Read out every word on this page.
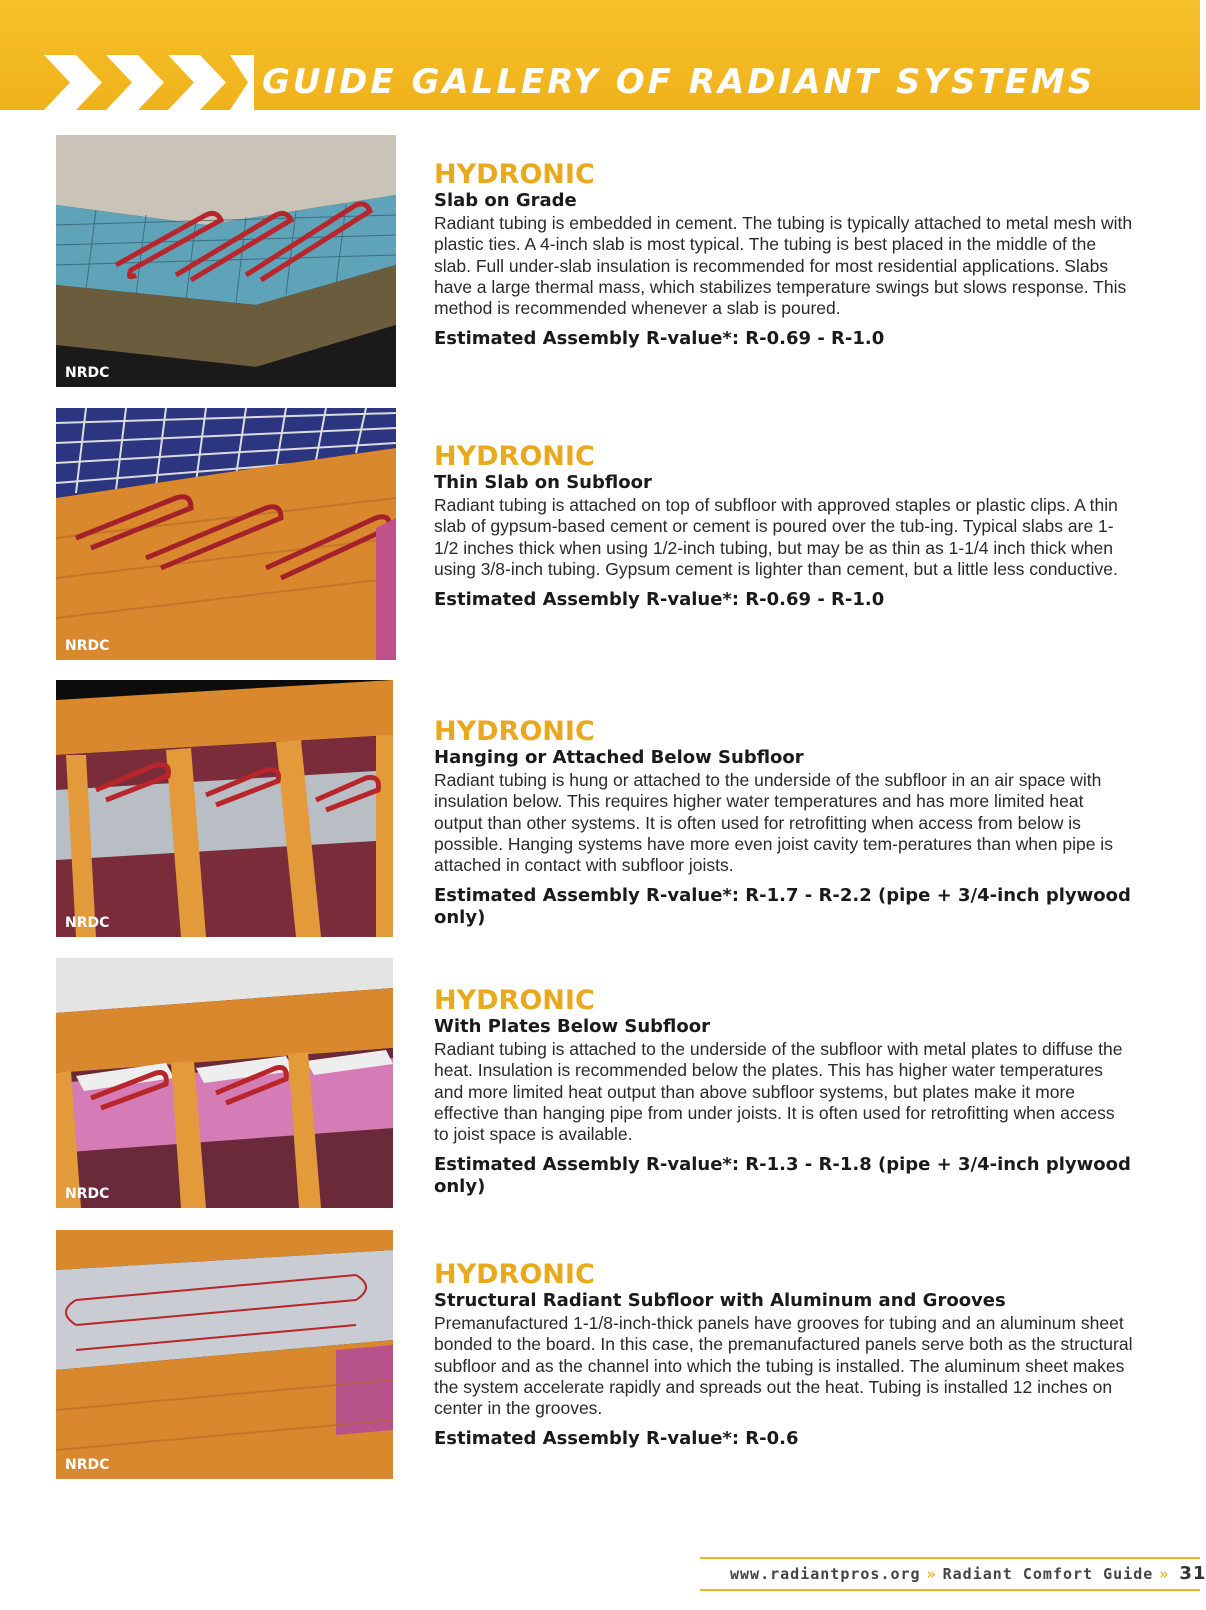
GUIDE GALLERY OF RADIANT SYSTEMS
NRDC
HYDRONIC
Slab on Grade
Radiant tubing is embedded in cement. The tubing is typically attached to metal mesh with plastic ties. A 4-inch slab is most typical. The tubing is best placed in the middle of the slab. Full under-slab insulation is recommended for most residential applications. Slabs have a large thermal mass, which stabilizes temperature swings but slows response. This method is recommended whenever a slab is poured.
Estimated Assembly R-value*: R-0.69 - R-1.0
NRDC
HYDRONIC
Thin Slab on Subfloor
Radiant tubing is attached on top of subfloor with approved staples or plastic clips. A thin slab of gypsum-based cement or cement is poured over the tub-ing. Typical slabs are 1-1/2 inches thick when using 1/2-inch tubing, but may be as thin as 1-1/4 inch thick when using 3/8-inch tubing. Gypsum cement is lighter than cement, but a little less conductive.
Estimated Assembly R-value*: R-0.69 - R-1.0
NRDC
HYDRONIC
Hanging or Attached Below Subfloor
Radiant tubing is hung or attached to the underside of the subfloor in an air space with insulation below. This requires higher water temperatures and has more limited heat output than other systems. It is often used for retrofitting when access from below is possible. Hanging systems have more even joist cavity tem-peratures than when pipe is attached in contact with subfloor joists.
Estimated Assembly R-value*: R-1.7 - R-2.2 (pipe + 3/4-inch plywood only)
NRDC
HYDRONIC
With Plates Below Subfloor
Radiant tubing is attached to the underside of the subfloor with metal plates to diffuse the heat. Insulation is recommended below the plates. This has higher water temperatures and more limited heat output than above subfloor systems, but plates make it more effective than hanging pipe from under joists. It is often used for retrofitting when access to joist space is available.
Estimated Assembly R-value*: R-1.3 - R-1.8 (pipe + 3/4-inch plywood only)
NRDC
HYDRONIC
Structural Radiant Subfloor with Aluminum and Grooves
Premanufactured 1-1/8-inch-thick panels have grooves for tubing and an aluminum sheet bonded to the board. In this case, the premanufactured panels serve both as the structural subfloor and as the channel into which the tubing is installed. The aluminum sheet makes the system accelerate rapidly and spreads out the heat. Tubing is installed 12 inches on center in the grooves.
Estimated Assembly R-value*: R-0.6
www.radiantpros.org » Radiant Comfort Guide » 31
